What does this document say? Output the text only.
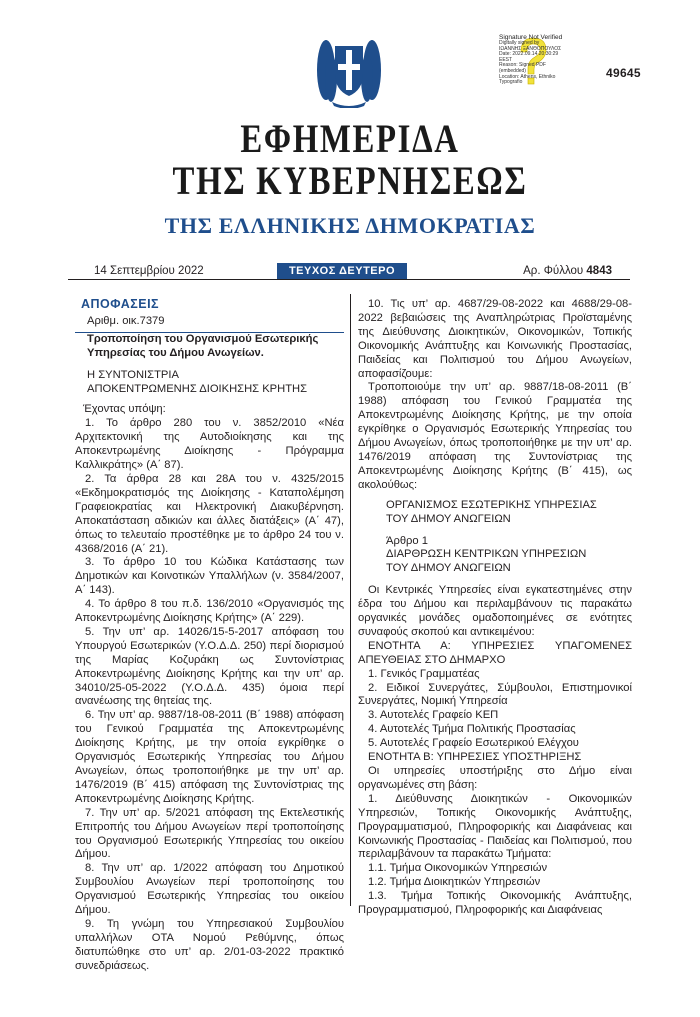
Signature Not Verified
Digitally signed by
ΙΩΑΝΝΗΣ ΞΑΝΘΟΠΟΥΛΟΣ
Date: 2022.09.14 20:30:29
EEST
Reason: Signed PDF
(embedded)
Location: Athens, Ethniko
Typografio
49645
ΕΦΗΜΕΡΙΔΑ
ΤΗΣ ΚΥΒΕΡΝΗΣΕΩΣ
ΤΗΣ ΕΛΛΗΝΙΚΗΣ ΔΗΜΟΚΡΑΤΙΑΣ
14 Σεπτεμβρίου 2022	ΤΕΥΧΟΣ ΔΕΥΤΕΡΟ	Αρ. Φύλλου 4843
ΑΠΟΦΑΣΕΙΣ
Αριθμ. οικ.7379
Τροποποίηση του Οργανισμού Εσωτερικής Υπηρεσίας του Δήμου Ανωγείων.
Η ΣΥΝΤΟΝΙΣΤΡΙΑ
ΑΠΟΚΕΝΤΡΩΜΕΝΗΣ ΔΙΟΙΚΗΣΗΣ ΚΡΗΤΗΣ
Έχοντας υπόψη:

1. Το άρθρο 280 του ν. 3852/2010 «Νέα Αρχιτεκτονική της Αυτοδιοίκησης και της Αποκεντρωμένης Διοίκησης - Πρόγραμμα Καλλικράτης» (Α΄ 87).

2. Τα άρθρα 28 και 28Α του ν. 4325/2015 «Εκδημοκρατισμός της Διοίκησης - Καταπολέμηση Γραφειοκρατίας και Ηλεκτρονική Διακυβέρνηση. Αποκατάσταση αδικιών και άλλες διατάξεις» (Α΄ 47), όπως το τελευταίο προστέθηκε με το άρθρο 24 του ν. 4368/2016 (Α΄ 21).

3. Το άρθρο 10 του Κώδικα Κατάστασης των Δημοτικών και Κοινοτικών Υπαλλήλων (ν. 3584/2007, Α΄ 143).

4. Το άρθρο 8 του π.δ. 136/2010 «Οργανισμός της Αποκεντρωμένης Διοίκησης Κρήτης» (Α΄ 229).

5. Την υπ’ αρ. 14026/15-5-2017 απόφαση του Υπουργού Εσωτερικών (Υ.Ο.Δ.Δ. 250) περί διορισμού της Μαρίας Κοζυράκη ως Συντονίστριας Αποκεντρωμένης Διοίκησης Κρήτης και την υπ’ αρ. 34010/25-05-2022 (Υ.Ο.Δ.Δ. 435) όμοια περί ανανέωσης της θητείας της.

6. Την υπ’ αρ. 9887/18-08-2011 (Β΄ 1988) απόφαση του Γενικού Γραμματέα της Αποκεντρωμένης Διοίκησης Κρήτης, με την οποία εγκρίθηκε ο Οργανισμός Εσωτερικής Υπηρεσίας του Δήμου Ανωγείων, όπως τροποποιήθηκε με την υπ’ αρ. 1476/2019 (Β΄ 415) απόφαση της Συντονίστριας της Αποκεντρωμένης Διοίκησης Κρήτης.

7. Την υπ’ αρ. 5/2021 απόφαση της Εκτελεστικής Επιτροπής του Δήμου Ανωγείων περί τροποποίησης του Οργανισμού Εσωτερικής Υπηρεσίας του οικείου Δήμου.

8. Την υπ’ αρ. 1/2022 απόφαση του Δημοτικού Συμβουλίου Ανωγείων περί τροποποίησης του Οργανισμού Εσωτερικής Υπηρεσίας του οικείου Δήμου.

9. Τη γνώμη του Υπηρεσιακού Συμβουλίου υπαλλήλων ΟΤΑ Νομού Ρεθύμνης, όπως διατυπώθηκε στο υπ’ αρ. 2/01-03-2022 πρακτικό συνεδριάσεως.

10. Τις υπ’ αρ. 4687/29-08-2022 και 4688/29-08-2022 βεβαιώσεις της Αναπληρώτριας Προϊσταμένης της Διεύθυνσης Διοικητικών, Οικονομικών, Τοπικής Οικονομικής Ανάπτυξης και Κοινωνικής Προστασίας, Παιδείας και Πολιτισμού του Δήμου Ανωγείων, αποφασίζουμε:

Τροποποιούμε την υπ’ αρ. 9887/18-08-2011 (Β΄ 1988) απόφαση του Γενικού Γραμματέα της Αποκεντρωμένης Διοίκησης Κρήτης, με την οποία εγκρίθηκε ο Οργανισμός Εσωτερικής Υπηρεσίας του Δήμου Ανωγείων, όπως τροποποιήθηκε με την υπ’ αρ. 1476/2019 απόφαση της Συντονίστριας της Αποκεντρωμένης Διοίκησης Κρήτης (Β΄ 415), ως ακολούθως:

ΟΡΓΑΝΙΣΜΟΣ ΕΣΩΤΕΡΙΚΗΣ ΥΠΗΡΕΣΙΑΣ
ΤΟΥ ΔΗΜΟΥ ΑΝΩΓΕΙΩΝ
Άρθρο 1
ΔΙΑΡΘΡΩΣΗ ΚΕΝΤΡΙΚΩΝ ΥΠΗΡΕΣΙΩΝ
ΤΟΥ ΔΗΜΟΥ ΑΝΩΓΕΙΩΝ

Οι Κεντρικές Υπηρεσίες είναι εγκατεστημένες στην έδρα του Δήμου και περιλαμβάνουν τις παρακάτω οργανικές μονάδες ομαδοποιημένες σε ενότητες συναφούς σκοπού και αντικειμένου:

ΕΝΟΤΗΤΑ Α: ΥΠΗΡΕΣΙΕΣ ΥΠΑΓΟΜΕΝΕΣ ΑΠΕΥΘΕΙΑΣ ΣΤΟ ΔΗΜΑΡΧΟ

1. Γενικός Γραμματέας

2. Ειδικοί Συνεργάτες, Σύμβουλοι, Επιστημονικοί Συνεργάτες, Νομική Υπηρεσία

3. Αυτοτελές Γραφείο ΚΕΠ

4. Αυτοτελές Τμήμα Πολιτικής Προστασίας

5. Αυτοτελές Γραφείο Εσωτερικού Ελέγχου

ΕΝΟΤΗΤΑ Β: ΥΠΗΡΕΣΙΕΣ ΥΠΟΣΤΗΡΙΞΗΣ

Οι υπηρεσίες υποστήριξης στο Δήμο είναι οργανωμένες στη βάση:

1. Διεύθυνσης Διοικητικών - Οικονομικών Υπηρεσιών, Τοπικής Οικονομικής Ανάπτυξης, Προγραμματισμού, Πληροφορικής και Διαφάνειας και Κοινωνικής Προστασίας - Παιδείας και Πολιτισμού, που περιλαμβάνουν τα παρακάτω Τμήματα:

1.1. Τμήμα Οικονομικών Υπηρεσιών

1.2. Τμήμα Διοικητικών Υπηρεσιών

1.3. Τμήμα Τοπικής Οικονομικής Ανάπτυξης, Προγραμματισμού, Πληροφορικής και Διαφάνειας
